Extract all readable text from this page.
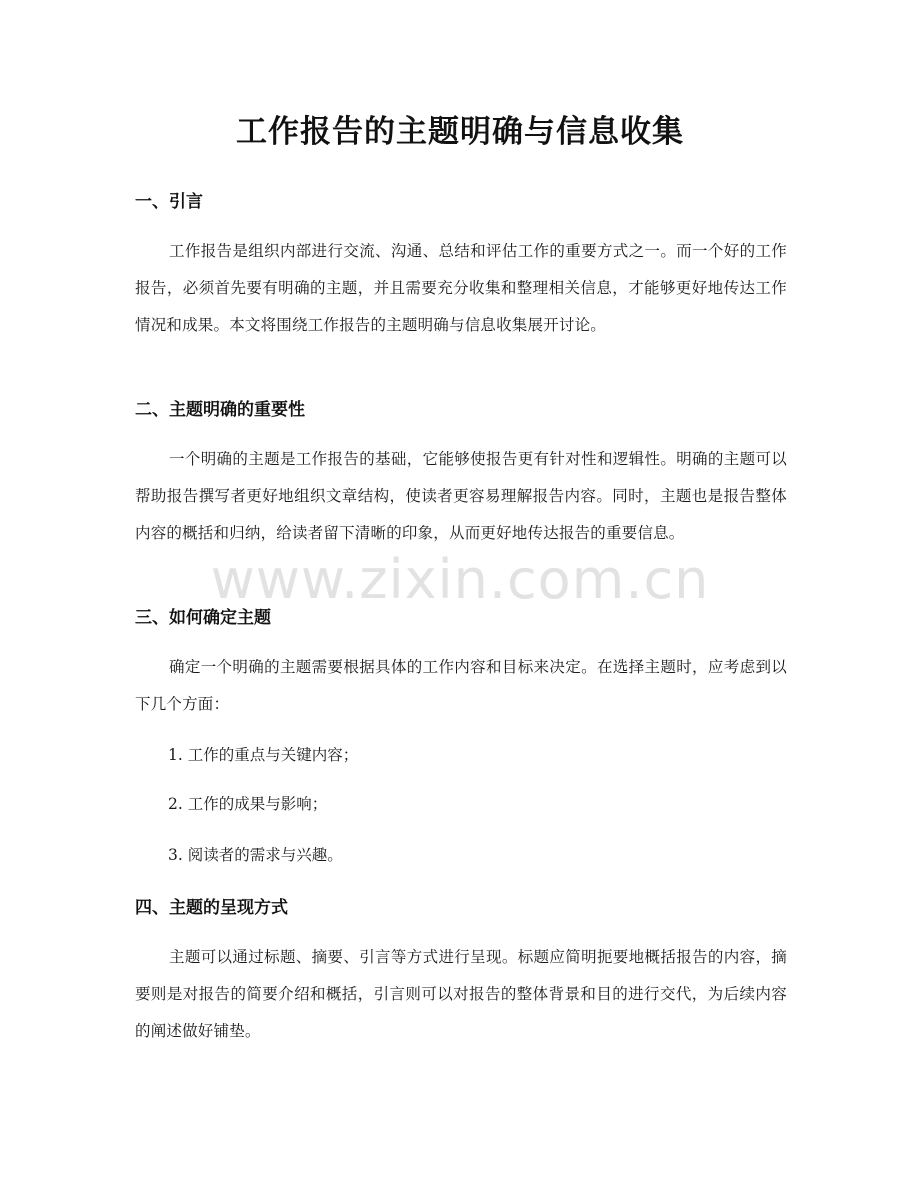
工作报告的主题明确与信息收集
一、引言

工作报告是组织内部进行交流、沟通、总结和评估工作的重要方式之一。而一个好的工作报告，必须首先要有明确的主题，并且需要充分收集和整理相关信息，才能够更好地传达工作情况和成果。本文将围绕工作报告的主题明确与信息收集展开讨论。

二、主题明确的重要性

一个明确的主题是工作报告的基础，它能够使报告更有针对性和逻辑性。明确的主题可以帮助报告撰写者更好地组织文章结构，使读者更容易理解报告内容。同时，主题也是报告整体内容的概括和归纳，给读者留下清晰的印象，从而更好地传达报告的重要信息。

三、如何确定主题

确定一个明确的主题需要根据具体的工作内容和目标来决定。在选择主题时，应考虑到以下几个方面：

1. 工作的重点与关键内容；
2. 工作的成果与影响；
3. 阅读者的需求与兴趣。
四、主题的呈现方式

主题可以通过标题、摘要、引言等方式进行呈现。标题应简明扼要地概括报告的内容，摘要则是对报告的简要介绍和概括，引言则可以对报告的整体背景和目的进行交代，为后续内容的阐述做好铺垫。

www.zixin.com.cn
